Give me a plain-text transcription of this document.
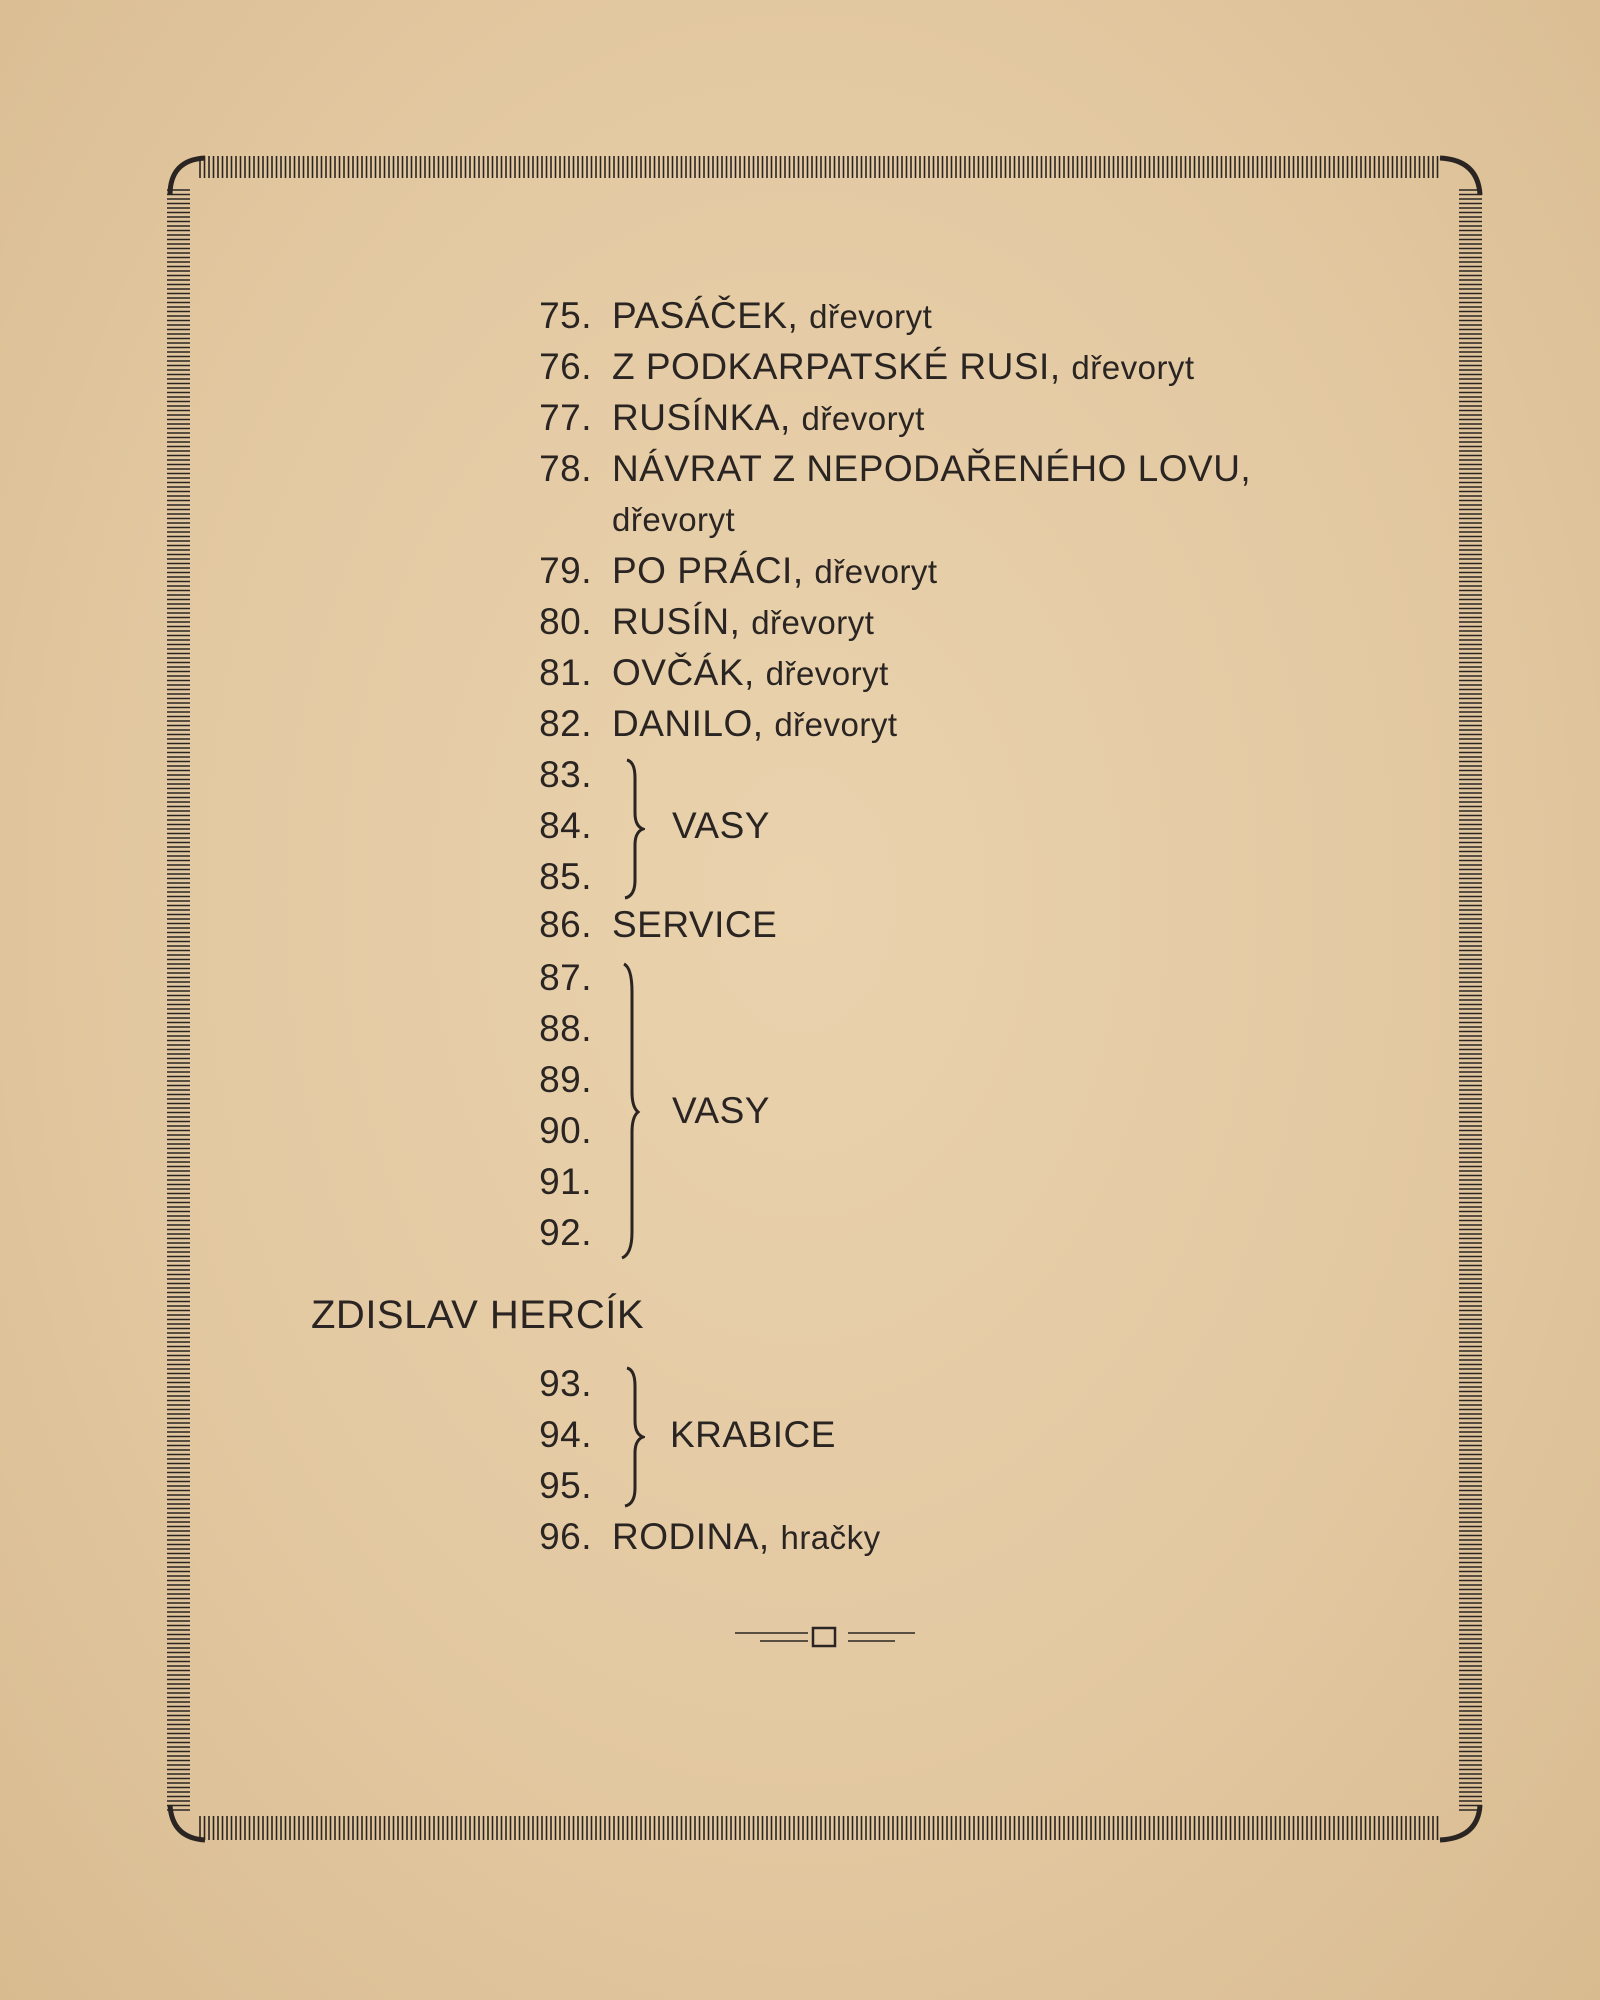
75. PASÁČEK, dřevoryt
76. Z PODKARPATSKÉ RUSI, dřevoryt
77. RUSÍNKA, dřevoryt
78. NÁVRAT Z NEPODAŘENÉHO LOVU,
dřevoryt
79. PO PRÁCI, dřevoryt
80. RUSÍN, dřevoryt
81. OVČÁK, dřevoryt
82. DANILO, dřevoryt
83.
84.
85.
VASY
86. SERVICE
87.
88.
89.
90.
91.
92.
VASY
ZDISLAV HERCÍK
93.
94.
95.
KRABICE
96. RODINA, hračky
